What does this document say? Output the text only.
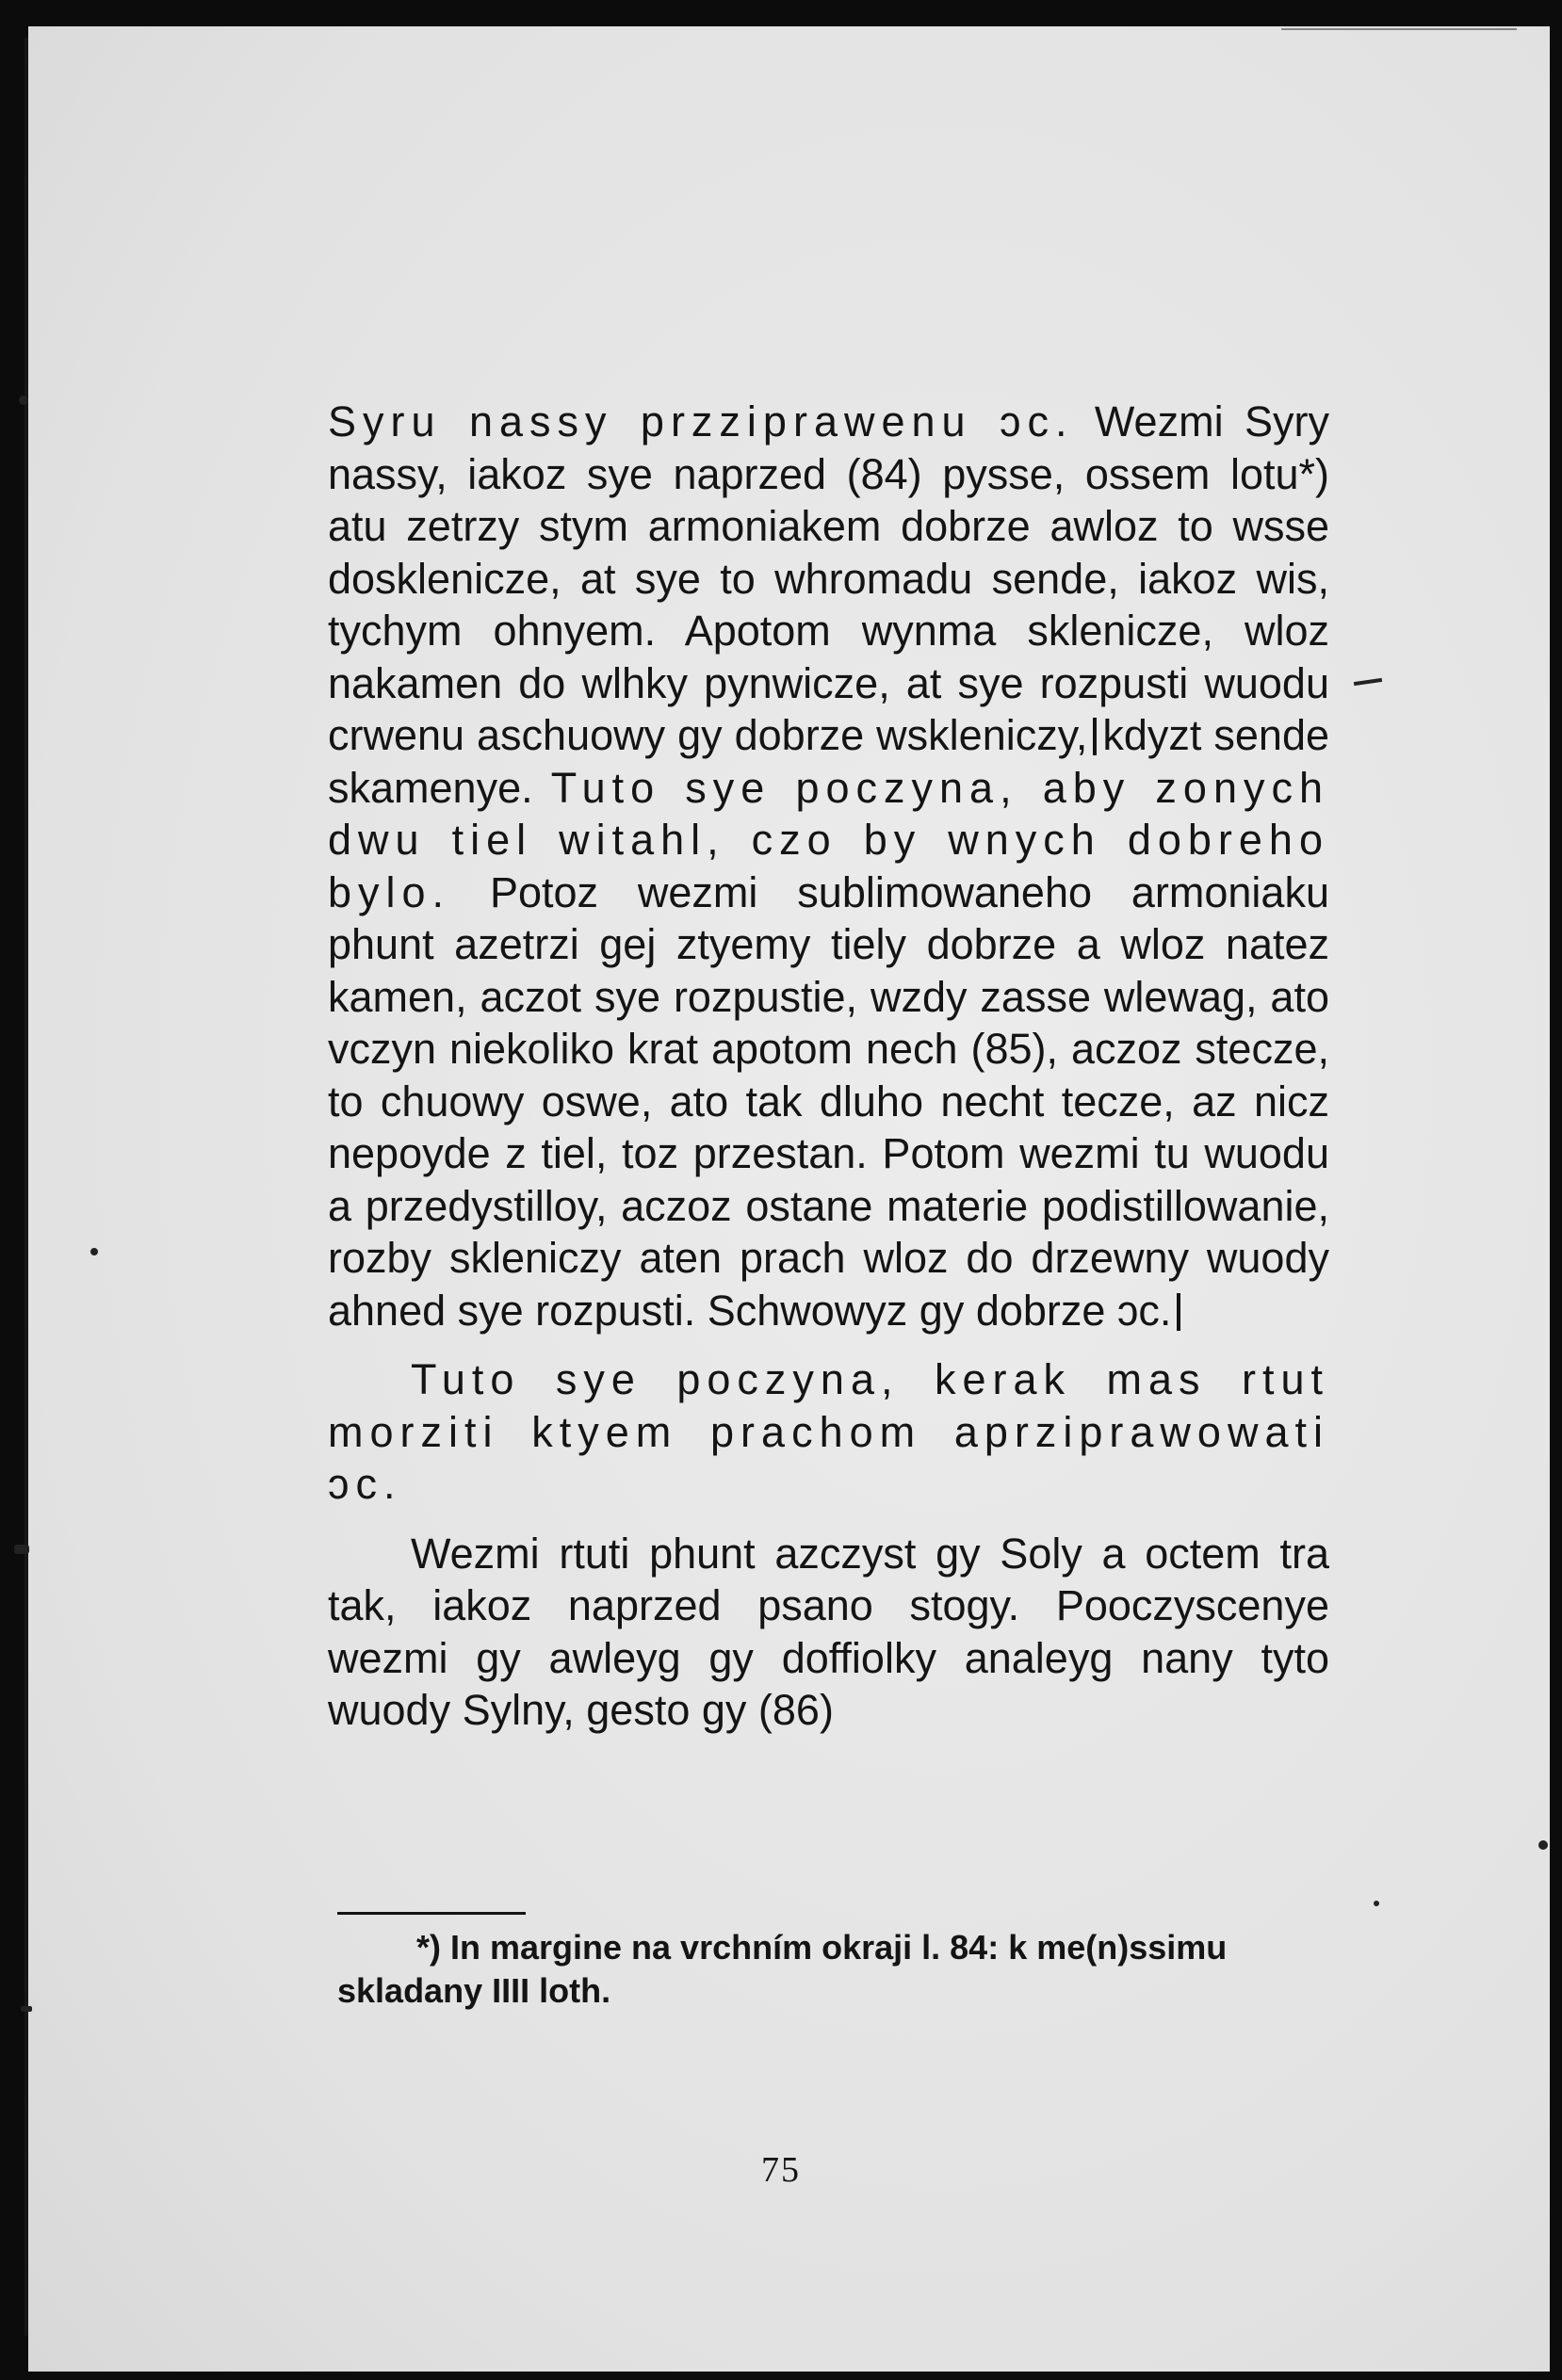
Syru nassy przziprawenu ɔc. Wezmi Syry nassy, iakoz sye naprzed (84) pysse, ossem lotu*) atu zetrzy stym armoniakem dobrze awloz to wsse dosklenicze, at sye to whromadu sende, iakoz wis, tychym ohnyem. Apotom wynma sklenicze, wloz nakamen do wlhky pynwicze, at sye rozpusti wuodu crwenu aschuowy gy dobrze wskleniczy, kdyzt sende skamenye. Tuto sye poczyna, aby zonych dwu tiel witahl, czo by wnych dobreho bylo. Potoz wezmi sublimowaneho armoniaku phunt azetrzi gej ztyemy tiely dobrze a wloz natez kamen, aczot sye rozpustie, wzdy zasse wlewag, ato vczyn niekoliko krat apotom nech (85), aczoz stecze, to chuowy oswe, ato tak dluho necht tecze, az nicz nepoyde z tiel, toz przestan. Potom wezmi tu wuodu a przedystilloy, aczoz ostane materie podistillowanie, rozby skleniczy aten prach wloz do drzewny wuody ahned sye rozpusti. Schwowyz gy dobrze ɔc.

Tuto sye poczyna, kerak mas rtut morziti ktyem prachom aprziprawowati ɔc.

Wezmi rtuti phunt azczyst gy Soly a octem tra tak, iakoz naprzed psano stogy. Pooczyscenye wezmi gy awleyg gy doffiolky analeyg nany tyto wuody Sylny, gesto gy (86)

*) In margine na vrchním okraji l. 84: k me(n)ssimu skladany IIII loth.
75
